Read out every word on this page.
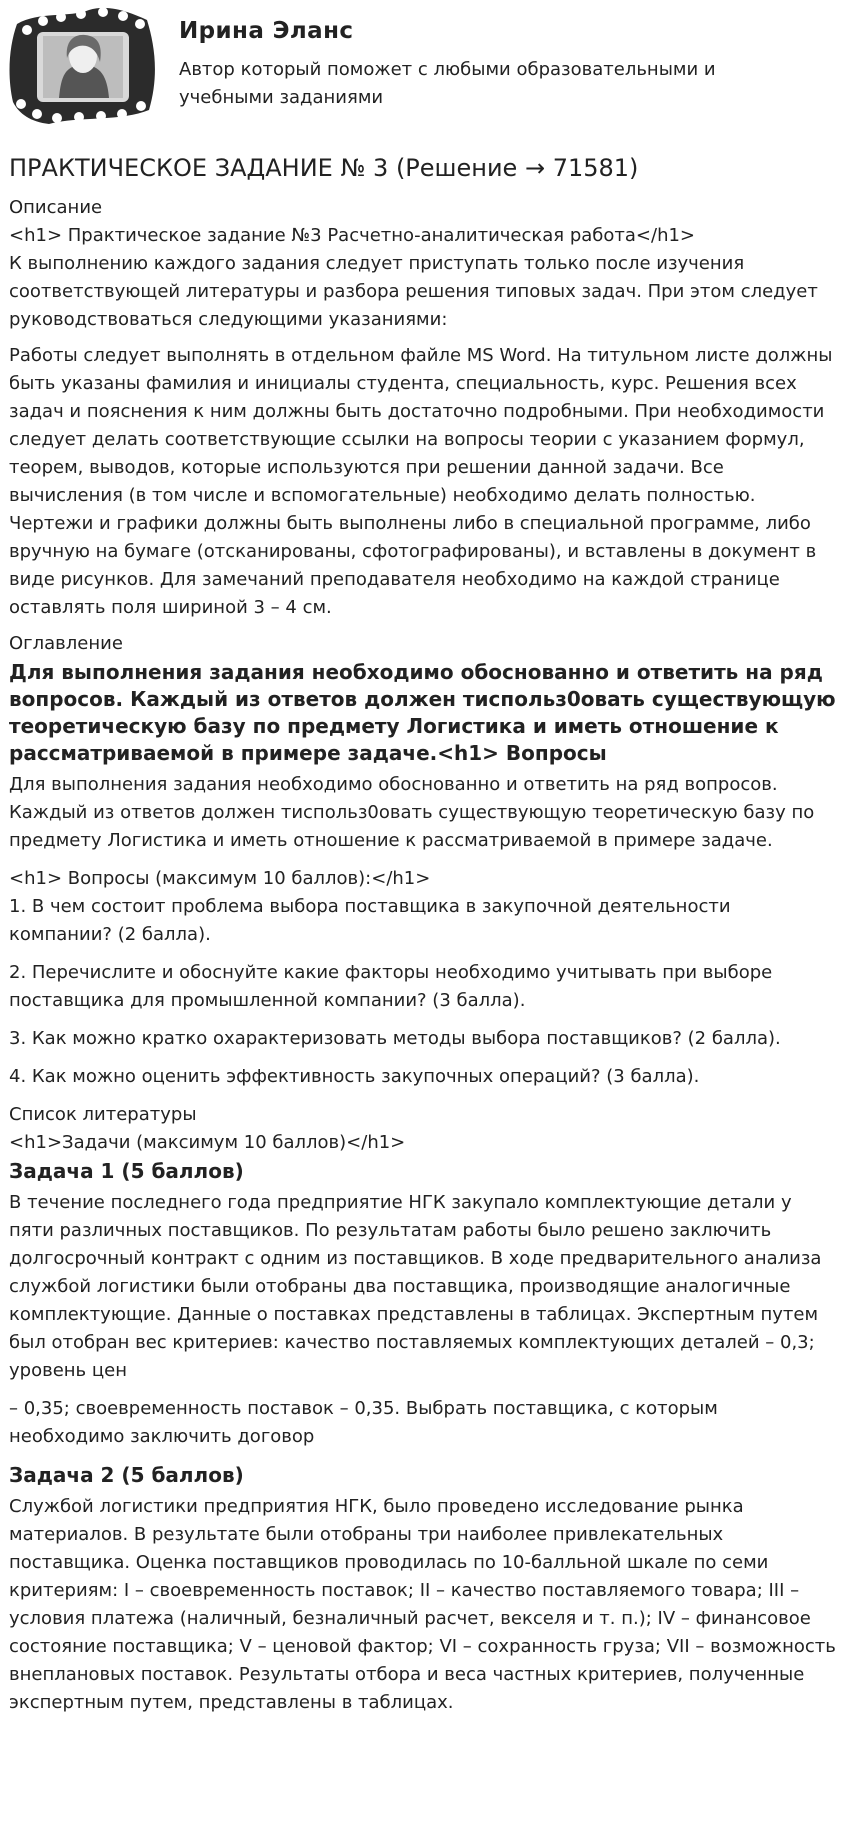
Ирина Эланс
Автор который поможет с любыми образовательными и учебными заданиями
ПРАКТИЧЕСКОЕ ЗАДАНИЕ № 3 (Решение → 71581)
Описание
<h1> Практическое задание №3 Расчетно-аналитическая работа</h1>
К выполнению каждого задания следует приступать только после изучения соответствующей литературы и разбора решения типовых задач. При этом следует руководствоваться следующими указаниями:
Работы следует выполнять в отдельном файле MS Word. На титульном листе должны быть указаны фамилия и инициалы студента, специальность, курс. Решения всех задач и пояснения к ним должны быть достаточно подробными. При необходимости следует делать соответствующие ссылки на вопросы теории с указанием формул, теорем, выводов, которые используются при решении данной задачи. Все вычисления (в том числе и вспомогательные) необходимо делать полностью. Чертежи и графики должны быть выполнены либо в специальной программе, либо вручную на бумаге (отсканированы, сфотографированы), и вставлены в документ в виде рисунков. Для замечаний преподавателя необходимо на каждой странице оставлять поля шириной 3 – 4 см.
Оглавление
Для выполнения задания необходимо обоснованно и ответить на ряд вопросов. Каждый из ответов должен тиспольз0овать существующую теоретическую базу по предмету Логистика и иметь отношение к рассматриваемой в примере задаче.<h1> Вопросы
Для выполнения задания необходимо обоснованно и ответить на ряд вопросов. Каждый из ответов должен тиспольз0овать существующую теоретическую базу по предмету Логистика и иметь отношение к рассматриваемой в примере задаче.
<h1> Вопросы (максимум 10 баллов):</h1>
1. В чем состоит проблема выбора поставщика в закупочной деятельности компании? (2 балла).
2. Перечислите и обоснуйте какие факторы необходимо учитывать при выборе поставщика для промышленной компании? (3 балла).
3. Как можно кратко охарактеризовать методы выбора поставщиков? (2 балла).
4. Как можно оценить эффективность закупочных операций? (3 балла).
Список литературы
<h1>Задачи (максимум 10 баллов)</h1>
Задача 1 (5 баллов)
В течение последнего года предприятие НГК закупало комплектующие детали у пяти различных поставщиков. По результатам работы было решено заключить долгосрочный контракт с одним из поставщиков. В ходе предварительного анализа службой логистики были отобраны два поставщика, производящие аналогичные комплектующие. Данные о поставках представлены в таблицах. Экспертным путем был отобран вес критериев: качество поставляемых комплектующих деталей – 0,3; уровень цен
– 0,35; своевременность поставок – 0,35. Выбрать поставщика, с которым необходимо заключить договор
Задача 2 (5 баллов)
Службой логистики предприятия НГК, было проведено исследование рынка материалов. В результате были отобраны три наиболее привлекательных поставщика. Оценка поставщиков проводилась по 10-балльной шкале по семи критериям: I – своевременность поставок; II – качество поставляемого товара; III – условия платежа (наличный, безналичный расчет, векселя и т. п.); IV – финансовое состояние поставщика; V – ценовой фактор; VI – сохранность груза; VII – возможность внеплановых поставок. Результаты отбора и веса частных критериев, полученные экспертным путем, представлены в таблицах.
